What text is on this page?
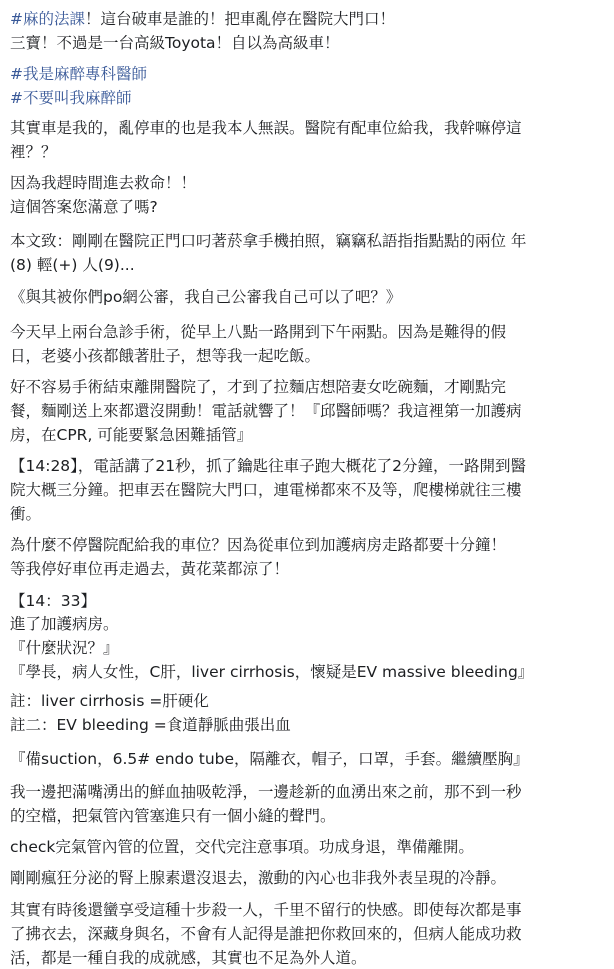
#麻的法課！這台破車是誰的！把車亂停在醫院大門口！
三寶！不過是一台高級Toyota！自以為高級車！
#我是麻醉專科醫師
#不要叫我麻醉師
其實車是我的，亂停車的也是我本人無誤。醫院有配車位給我，我幹嘛停這
裡？？
因為我趕時間進去救命！！
這個答案您滿意了嗎?
本文致：剛剛在醫院正門口叼著菸拿手機拍照，竊竊私語指指點點的兩位 年
(8) 輕(+) 人(9)...
《與其被你們po網公審，我自己公審我自己可以了吧？》
今天早上兩台急診手術，從早上八點一路開到下午兩點。因為是難得的假
日，老婆小孩都餓著肚子，想等我一起吃飯。
好不容易手術結束離開醫院了，才到了拉麵店想陪妻女吃碗麵，才剛點完
餐，麵剛送上來都還沒開動！電話就響了！『邱醫師嗎？我這裡第一加護病
房，在CPR, 可能要緊急困難插管』
【14:28】，電話講了21秒，抓了鑰匙往車子跑大概花了2分鐘，一路開到醫
院大概三分鐘。把車丟在醫院大門口，連電梯都來不及等，爬樓梯就往三樓
衝。
為什麼不停醫院配給我的車位？因為從車位到加護病房走路都要十分鐘！
等我停好車位再走過去，黃花菜都涼了！
【14：33】
進了加護病房。
『什麼狀況？』
『學長，病人女性，C肝，liver cirrhosis，懷疑是EV massive bleeding』
註：liver cirrhosis =肝硬化
註二：EV bleeding =食道靜脈曲張出血
『備suction，6.5# endo tube，隔離衣，帽子，口罩，手套。繼續壓胸』
我一邊把滿嘴湧出的鮮血抽吸乾淨，一邊趁新的血湧出來之前，那不到一秒
的空檔，把氣管內管塞進只有一個小縫的聲門。
check完氣管內管的位置，交代完注意事項。功成身退，準備離開。
剛剛瘋狂分泌的腎上腺素還沒退去，激動的內心也非我外表呈現的冷靜。
其實有時後還蠻享受這種十步殺一人，千里不留行的快感。即使每次都是事
了拂衣去，深藏身與名，不會有人記得是誰把你救回來的，但病人能成功救
活，都是一種自我的成就感，其實也不足為外人道。
